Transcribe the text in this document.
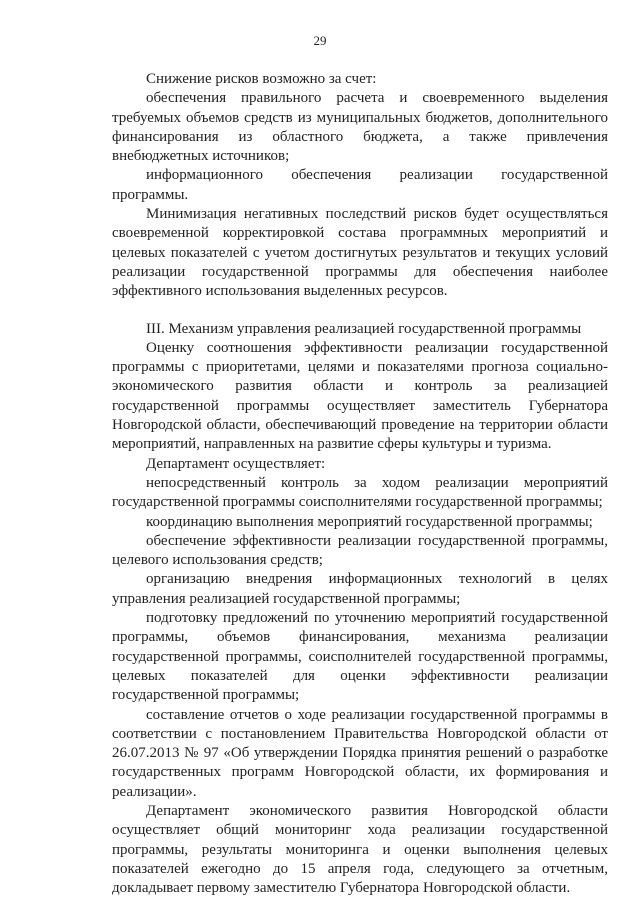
29

Снижение рисков возможно за счет:

обеспечения правильного расчета и своевременного выделения требуемых объемов средств из муниципальных бюджетов, дополнительного финансирования из областного бюджета, а также привлечения внебюджетных источников;

информационного обеспечения реализации государственной программы.

Минимизация негативных последствий рисков будет осуществляться своевременной корректировкой состава программных мероприятий и целевых показателей с учетом достигнутых результатов и текущих условий реализации государственной программы для обеспечения наиболее эффективного использования выделенных ресурсов.

III. Механизм управления реализацией государственной программы

Оценку соотношения эффективности реализации государственной программы с приоритетами, целями и показателями прогноза социально-экономического развития области и контроль за реализацией государственной программы осуществляет заместитель Губернатора Новгородской области, обеспечивающий проведение на территории области мероприятий, направленных на развитие сферы культуры и туризма.

Департамент осуществляет:

непосредственный контроль за ходом реализации мероприятий государственной программы соисполнителями государственной программы;

координацию выполнения мероприятий государственной программы;

обеспечение эффективности реализации государственной программы, целевого использования средств;

организацию внедрения информационных технологий в целях управления реализацией государственной программы;

подготовку предложений по уточнению мероприятий государственной программы, объемов финансирования, механизма реализации государственной программы, соисполнителей государственной программы, целевых показателей для оценки эффективности реализации государственной программы;

составление отчетов о ходе реализации государственной программы в соответствии с постановлением Правительства Новгородской области от 26.07.2013 № 97 «Об утверждении Порядка принятия решений о разработке государственных программ Новгородской области, их формирования и реализации».

Департамент экономического развития Новгородской области осуществляет общий мониторинг хода реализации государственной программы, результаты мониторинга и оценки выполнения целевых показателей ежегодно до 15 апреля года, следующего за отчетным, докладывает первому заместителю Губернатора Новгородской области.
